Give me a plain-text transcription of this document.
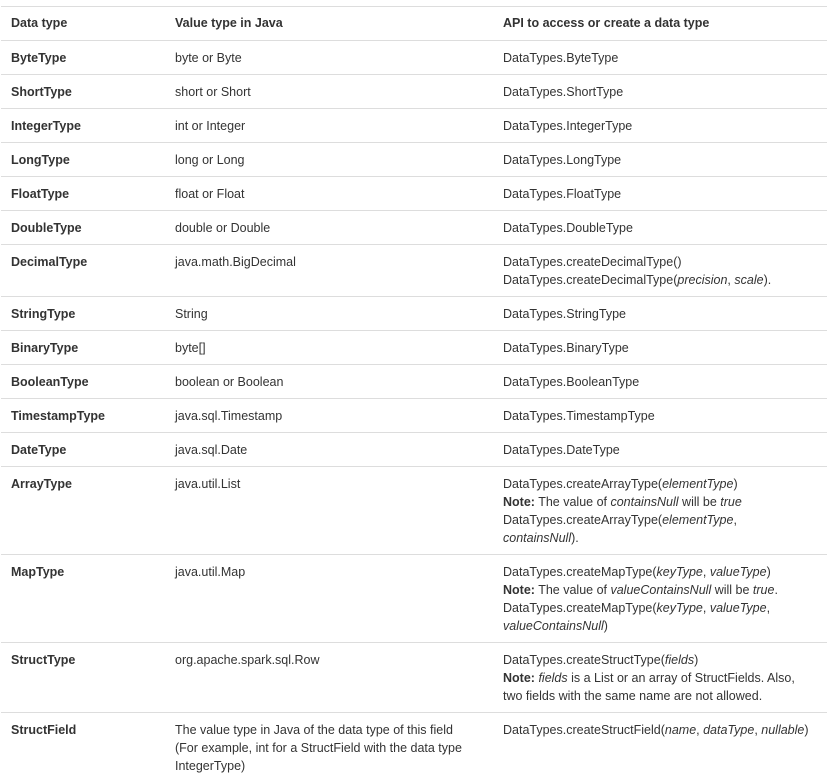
Data type	Value type in Java	API to access or create a data type
ByteType	byte or Byte	DataTypes.ByteType

ShortType	short or Short	DataTypes.ShortType

IntegerType	int or Integer	DataTypes.IntegerType

LongType	long or Long	DataTypes.LongType

FloatType	float or Float	DataTypes.FloatType

DoubleType	double or Double	DataTypes.DoubleType

DecimalType	java.math.BigDecimal	DataTypes.createDecimalType()
DataTypes.createDecimalType(precision, scale).

StringType	String	DataTypes.StringType

BinaryType	byte[]	DataTypes.BinaryType

BooleanType	boolean or Boolean	DataTypes.BooleanType

TimestampType	java.sql.Timestamp	DataTypes.TimestampType

DateType	java.sql.Date	DataTypes.DateType

ArrayType	java.util.List	DataTypes.createArrayType(elementType)
Note: The value of containsNull will be true
DataTypes.createArrayType(elementType,
containsNull).

MapType	java.util.Map	DataTypes.createMapType(keyType, valueType)
Note: The value of valueContainsNull will be true.
DataTypes.createMapType(keyType, valueType,
valueContainsNull)

StructType	org.apache.spark.sql.Row	DataTypes.createStructType(fields)
Note: fields is a List or an array of StructFields. Also,
two fields with the same name are not allowed.

StructField	The value type in Java of the data type of this field
(For example, int for a StructField with the data type
IntegerType)	DataTypes.createStructField(name, dataType, nullable)
